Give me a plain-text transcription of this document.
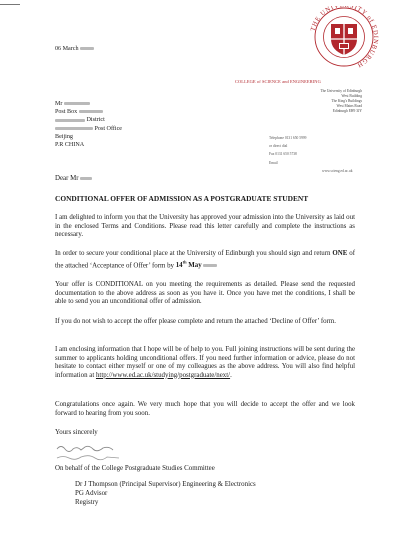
06 March
THE UNIV SITY of EDINBURGH
COLLEGE of SCIENCE and ENGINEERING
The University of Edinburgh
West Building
The King's Buildings
West Mains Road
Edinburgh EH9 3JY
Telephone 0131 650 5999
or direct dial
Fax 0131 650 5738
Email
www.scieng.ed.ac.uk
Mr
Post Box
District
Post Office
Beijing
P.R CHINA
Dear Mr
CONDITIONAL OFFER OF ADMISSION AS A POSTGRADUATE STUDENT
I am delighted to inform you that the University has approved your admission into the University as laid out in the enclosed Terms and Conditions. Please read this letter carefully and complete the instructions as necessary.
In order to secure your conditional place at the University of Edinburgh you should sign and return ONE of the attached ‘Acceptance of Offer’ form by 14th May
Your offer is CONDITIONAL on you meeting the requirements as detailed. Please send the requested documentation to the above address as soon as you have it. Once you have met the conditions, I shall be able to send you an unconditional offer of admission.
If you do not wish to accept the offer please complete and return the attached ‘Decline of Offer’ form.
I am enclosing information that I hope will be of help to you. Full joining instructions will be sent during the summer to applicants holding unconditional offers. If you need further information or advice, please do not hesitate to contact either myself or one of my colleagues as the above address. You will also find helpful information at http://www.ed.ac.uk/studying/postgraduate/next/.
Congratulations once again. We very much hope that you will decide to accept the offer and we look forward to hearing from you soon.
Yours sincerely
On behalf of the College Postgraduate Studies Committee
Dr J Thompson (Principal Supervisor) Engineering & Electronics
PG Advisor
Registry
